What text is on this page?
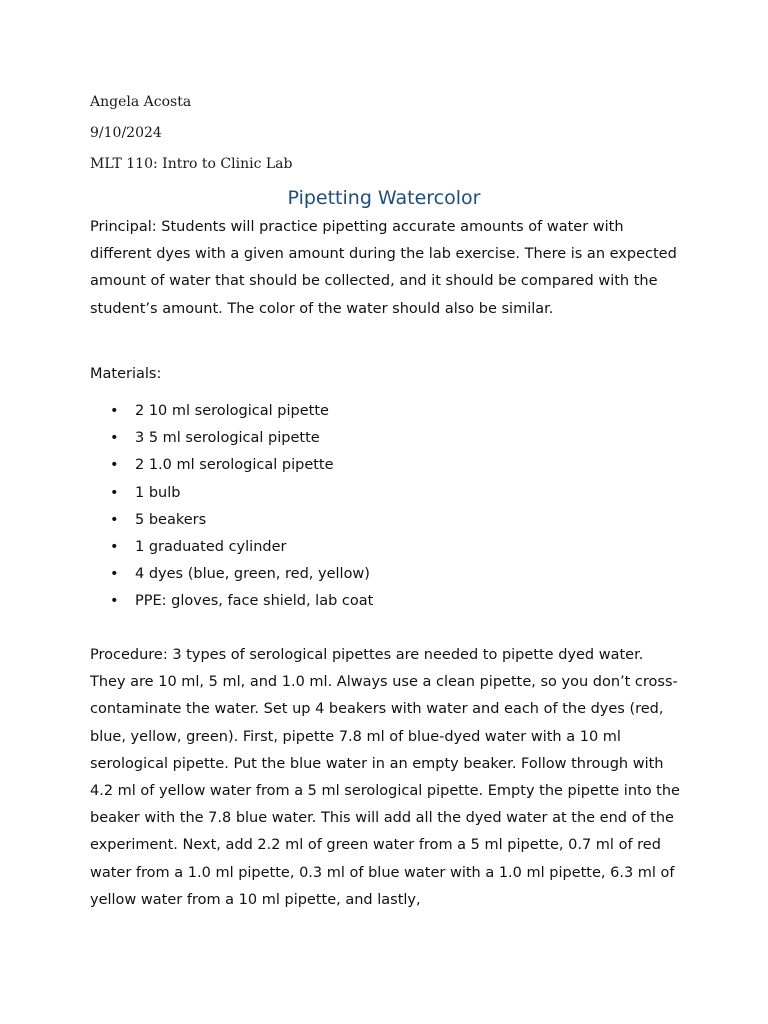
Angela Acosta
9/10/2024
MLT 110: Intro to Clinic Lab
Pipetting Watercolor

Principal: Students will practice pipetting accurate amounts of water with different dyes with a given amount during the lab exercise. There is an expected amount of water that should be collected, and it should be compared with the student’s amount. The color of the water should also be similar.

Materials:

• 2 10 ml serological pipette
• 3 5 ml serological pipette
• 2 1.0 ml serological pipette
• 1 bulb
• 5 beakers
• 1 graduated cylinder
• 4 dyes (blue, green, red, yellow)
• PPE: gloves, face shield, lab coat

Procedure: 3 types of serological pipettes are needed to pipette dyed water. They are 10 ml, 5 ml, and 1.0 ml. Always use a clean pipette, so you don’t cross-contaminate the water. Set up 4 beakers with water and each of the dyes (red, blue, yellow, green). First, pipette 7.8 ml of blue-dyed water with a 10 ml serological pipette. Put the blue water in an empty beaker. Follow through with 4.2 ml of yellow water from a 5 ml serological pipette. Empty the pipette into the beaker with the 7.8 blue water. This will add all the dyed water at the end of the experiment. Next, add 2.2 ml of green water from a 5 ml pipette, 0.7 ml of red water from a 1.0 ml pipette, 0.3 ml of blue water with a 1.0 ml pipette, 6.3 ml of yellow water from a 10 ml pipette, and lastly,
